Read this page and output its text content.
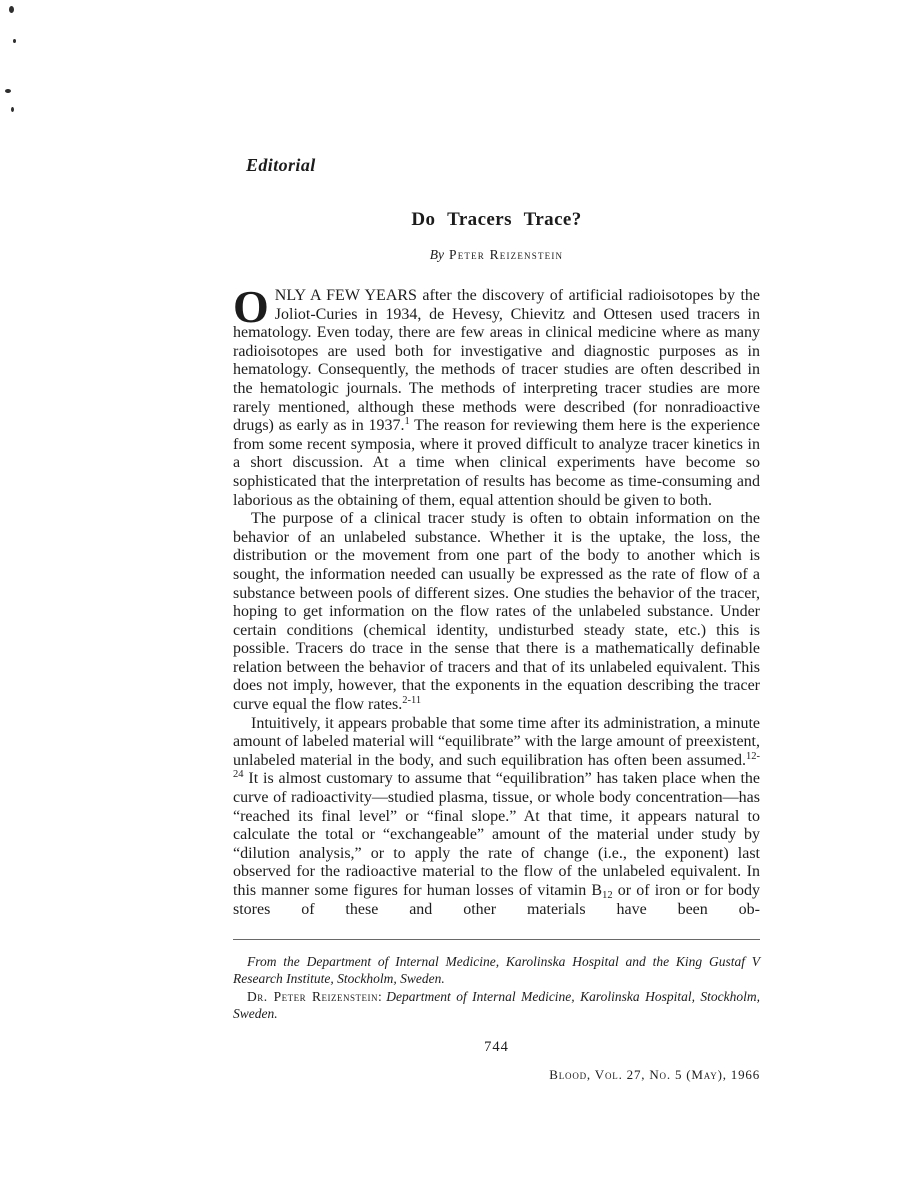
Editorial
Do Tracers Trace?
By Peter Reizenstein

ONLY A FEW YEARS after the discovery of artificial radioisotopes by the Joliot-Curies in 1934, de Hevesy, Chievitz and Ottesen used tracers in hematology. Even today, there are few areas in clinical medicine where as many radioisotopes are used both for investigative and diagnostic purposes as in hematology. Consequently, the methods of tracer studies are often described in the hematologic journals. The methods of interpreting tracer studies are more rarely mentioned, although these methods were described (for nonradioactive drugs) as early as in 1937.$^1$ The reason for reviewing them here is the experience from some recent symposia, where it proved difficult to analyze tracer kinetics in a short discussion. At a time when clinical experiments have become so sophisticated that the interpretation of results has become as time-consuming and laborious as the obtaining of them, equal attention should be given to both.

The purpose of a clinical tracer study is often to obtain information on the behavior of an unlabeled substance. Whether it is the uptake, the loss, the distribution or the movement from one part of the body to another which is sought, the information needed can usually be expressed as the rate of flow of a substance between pools of different sizes. One studies the behavior of the tracer, hoping to get information on the flow rates of the unlabeled substance. Under certain conditions (chemical identity, undisturbed steady state, etc.) this is possible. Tracers do trace in the sense that there is a mathematically definable relation between the behavior of tracers and that of its unlabeled equivalent. This does not imply, however, that the exponents in the equation describing the tracer curve equal the flow rates.$^{2-11}$

Intuitively, it appears probable that some time after its administration, a minute amount of labeled material will “equilibrate” with the large amount of preexistent, unlabeled material in the body, and such equilibration has often been assumed.$^{12-24}$ It is almost customary to assume that “equilibration” has taken place when the curve of radioactivity—studied plasma, tissue, or whole body concentration—has “reached its final level” or “final slope.” At that time, it appears natural to calculate the total or “exchangeable” amount of the material under study by “dilution analysis,” or to apply the rate of change (i.e., the exponent) last observed for the radioactive material to the flow of the unlabeled equivalent. In this manner some figures for human losses of vitamin $B_{12}$ or of iron or for body stores of these and other materials have been ob-

From the Department of Internal Medicine, Karolinska Hospital and the King Gustaf V Research Institute, Stockholm, Sweden.

Dr. Peter Reizenstein: Department of Internal Medicine, Karolinska Hospital, Stockholm, Sweden.

744
Blood, Vol. 27, No. 5 (May), 1966
